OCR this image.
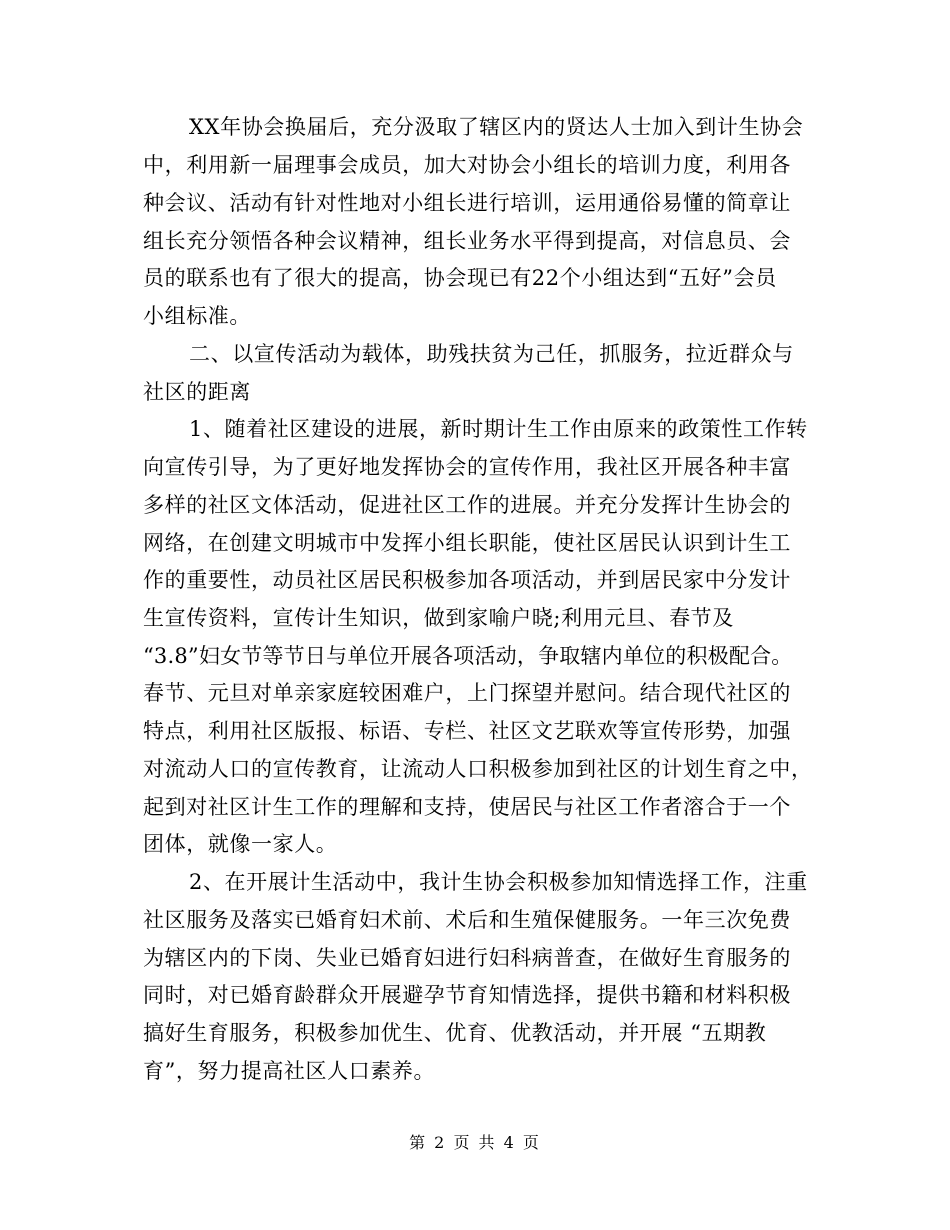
XX年协会换届后，充分汲取了辖区内的贤达人士加入到计生协会
中，利用新一届理事会成员，加大对协会小组长的培训力度，利用各
种会议、活动有针对性地对小组长进行培训，运用通俗易懂的简章让
组长充分领悟各种会议精神，组长业务水平得到提高，对信息员、会
员的联系也有了很大的提高，协会现已有22个小组达到“五好”会员
小组标准。
二、以宣传活动为载体，助残扶贫为己任，抓服务，拉近群众与
社区的距离
1、随着社区建设的进展，新时期计生工作由原来的政策性工作转
向宣传引导，为了更好地发挥协会的宣传作用，我社区开展各种丰富
多样的社区文体活动，促进社区工作的进展。并充分发挥计生协会的
网络，在创建文明城市中发挥小组长职能，使社区居民认识到计生工
作的重要性，动员社区居民积极参加各项活动，并到居民家中分发计
生宣传资料，宣传计生知识，做到家喻户晓;利用元旦、春节及
“3.8”妇女节等节日与单位开展各项活动，争取辖内单位的积极配合。
春节、元旦对单亲家庭较困难户，上门探望并慰问。结合现代社区的
特点，利用社区版报、标语、专栏、社区文艺联欢等宣传形势，加强
对流动人口的宣传教育，让流动人口积极参加到社区的计划生育之中，
起到对社区计生工作的理解和支持，使居民与社区工作者溶合于一个
团体，就像一家人。
2、在开展计生活动中，我计生协会积极参加知情选择工作，注重
社区服务及落实已婚育妇术前、术后和生殖保健服务。一年三次免费
为辖区内的下岗、失业已婚育妇进行妇科病普查，在做好生育服务的
同时，对已婚育龄群众开展避孕节育知情选择，提供书籍和材料积极
搞好生育服务，积极参加优生、优育、优教活动，并开展 “五期教
育”，努力提高社区人口素养。
第 2 页 共 4 页
